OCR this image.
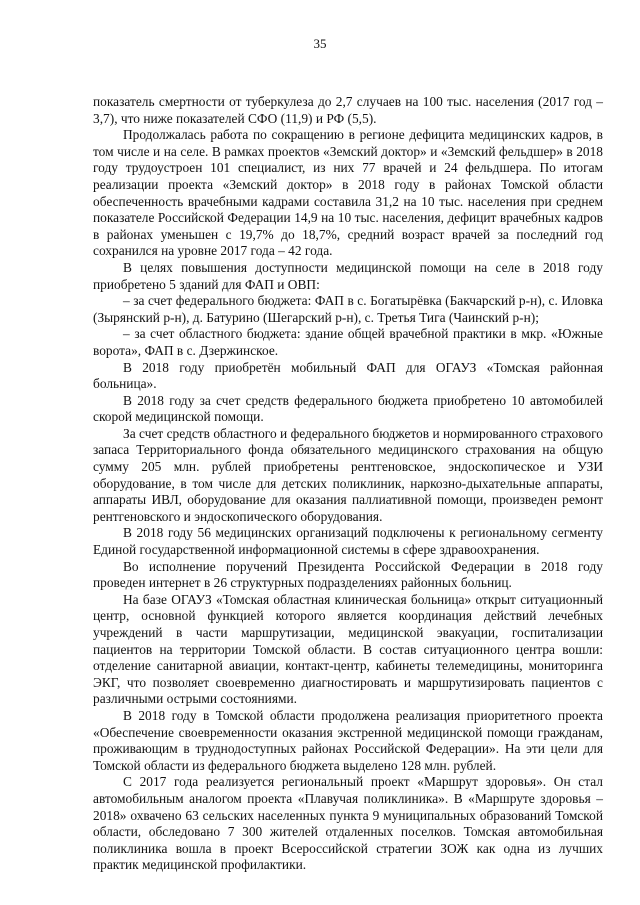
35

показатель смертности от туберкулеза до 2,7 случаев на 100 тыс. населения (2017 год – 3,7), что ниже показателей СФО (11,9) и РФ (5,5).

Продолжалась работа по сокращению в регионе дефицита медицинских кадров, в том числе и на селе. В рамках проектов «Земский доктор» и «Земский фельдшер» в 2018 году трудоустроен 101 специалист, из них 77 врачей и 24 фельдшера. По итогам реализации проекта «Земский доктор» в 2018 году в районах Томской области обеспеченность врачебными кадрами составила 31,2 на 10 тыс. населения при среднем показателе Российской Федерации 14,9 на 10 тыс. населения, дефицит врачебных кадров в районах уменьшен с 19,7% до 18,7%, средний возраст врачей за последний год сохранился на уровне 2017 года – 42 года.

В целях повышения доступности медицинской помощи на селе в 2018 году приобретено 5 зданий для ФАП и ОВП:

– за счет федерального бюджета: ФАП в с. Богатырёвка (Бакчарский р-н), с. Иловка (Зырянский р-н), д. Батурино (Шегарский р-н), с. Третья Тига (Чаинский р-н);

– за счет областного бюджета: здание общей врачебной практики в мкр. «Южные ворота», ФАП в с. Дзержинское.

В 2018 году приобретён мобильный ФАП для ОГАУЗ «Томская районная больница».

В 2018 году за счет средств федерального бюджета приобретено 10 автомобилей скорой медицинской помощи.

За счет средств областного и федерального бюджетов и нормированного страхового запаса Территориального фонда обязательного медицинского страхования на общую сумму 205 млн. рублей приобретены рентгеновское, эндоскопическое и УЗИ оборудование, в том числе для детских поликлиник, наркозно-дыхательные аппараты, аппараты ИВЛ, оборудование для оказания паллиативной помощи, произведен ремонт рентгеновского и эндоскопического оборудования.

В 2018 году 56 медицинских организаций подключены к региональному сегменту Единой государственной информационной системы в сфере здравоохранения.

Во исполнение поручений Президента Российской Федерации в 2018 году проведен интернет в 26 структурных подразделениях районных больниц.

На базе ОГАУЗ «Томская областная клиническая больница» открыт ситуационный центр, основной функцией которого является координация действий лечебных учреждений в части маршрутизации, медицинской эвакуации, госпитализации пациентов на территории Томской области. В состав ситуационного центра вошли: отделение санитарной авиации, контакт-центр, кабинеты телемедицины, мониторинга ЭКГ, что позволяет своевременно диагностировать и маршрутизировать пациентов с различными острыми состояниями.

В 2018 году в Томской области продолжена реализация приоритетного проекта «Обеспечение своевременности оказания экстренной медицинской помощи гражданам, проживающим в труднодоступных районах Российской Федерации». На эти цели для Томской области из федерального бюджета выделено 128 млн. рублей.

С 2017 года реализуется региональный проект «Маршрут здоровья». Он стал автомобильным аналогом проекта «Плавучая поликлиника». В «Маршруте здоровья – 2018» охвачено 63 сельских населенных пункта 9 муниципальных образований Томской области, обследовано 7 300 жителей отдаленных поселков. Томская автомобильная поликлиника вошла в проект Всероссийской стратегии ЗОЖ как одна из лучших практик медицинской профилактики.
